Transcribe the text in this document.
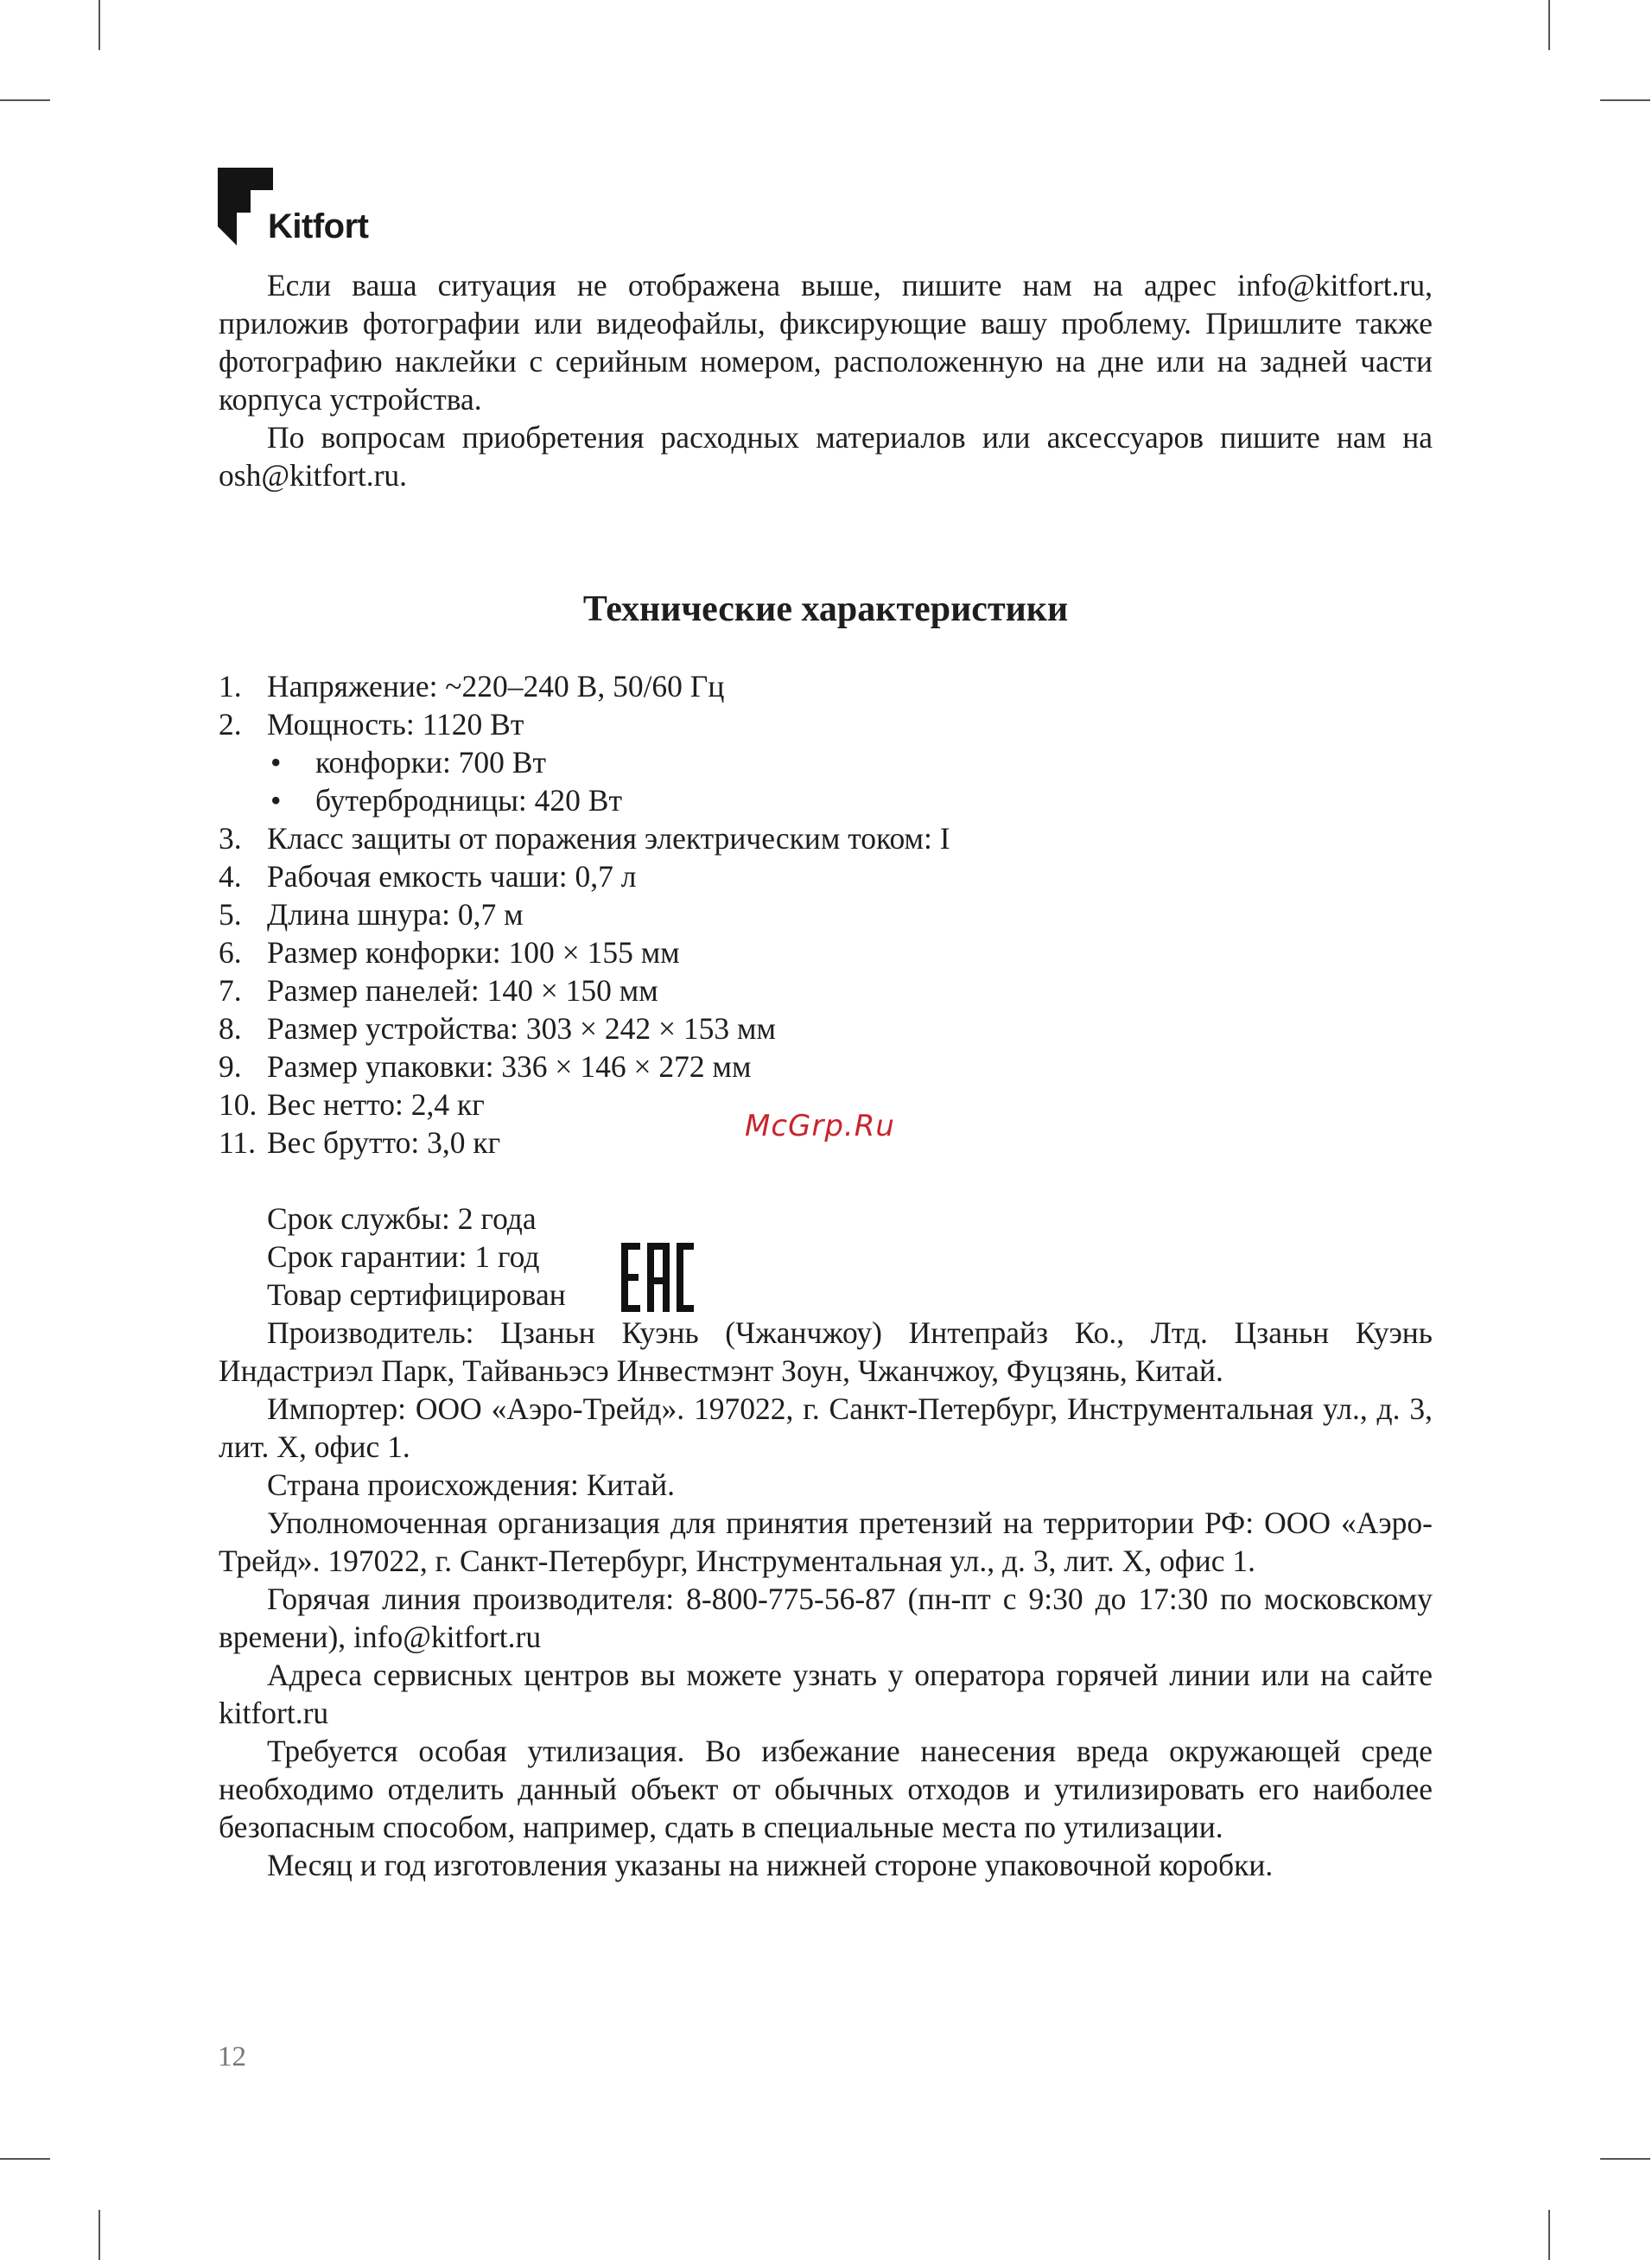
Kitfort
McGrp.Ru

Если ваша ситуация не отображена выше, пишите нам на адрес info@kitfort.ru, приложив фотографии или видеофайлы, фиксирующие вашу проблему. Пришлите также фотографию наклейки с серийным номером, расположенную на дне или на задней части корпуса устройства.

По вопросам приобретения расходных материалов или аксессуаров пишите нам на osh@kitfort.ru.

Технические характеристики
1. Напряжение: ~220–240 В, 50/60 Гц
2. Мощность: 1120 Вт
•	конфорки: 700 Вт
•	бутербродницы: 420 Вт
3. Класс защиты от поражения электрическим током: I
4. Рабочая емкость чаши: 0,7 л
5. Длина шнура: 0,7 м
6. Размер конфорки: 100 × 155 мм
7. Размер панелей: 140 × 150 мм
8. Размер устройства: 303 × 242 × 153 мм
9. Размер упаковки: 336 × 146 × 272 мм
10. Вес нетто: 2,4 кг
11. Вес брутто: 3,0 кг
Срок службы: 2 года
Срок гарантии: 1 год
Товар сертифицирован

Производитель: Цзаньн Куэнь (Чжанчжоу) Интепрайз Ко., Лтд. Цзаньн Куэнь Индастриэл Парк, Тайваньэсэ Инвестмэнт Зоун, Чжанчжоу, Фуцзянь, Китай.

Импортер: ООО «Аэро-Трейд». 197022, г. Санкт-Петербург, Инструментальная ул., д. 3, лит. Х, офис 1.

Страна происхождения: Китай.

Уполномоченная организация для принятия претензий на территории РФ: ООО «Аэро-Трейд». 197022, г. Санкт-Петербург, Инструментальная ул., д. 3, лит. Х, офис 1.

Горячая линия производителя: 8-800-775-56-87 (пн-пт с 9:30 до 17:30 по московскому времени), info@kitfort.ru

Адреса сервисных центров вы можете узнать у оператора горячей линии или на сайте kitfort.ru

Требуется особая утилизация. Во избежание нанесения вреда окружающей среде необходимо отделить данный объект от обычных отходов и утилизировать его наиболее безопасным способом, например, сдать в специальные места по утилизации.

Месяц и год изготовления указаны на нижней стороне упаковочной коробки.

12
